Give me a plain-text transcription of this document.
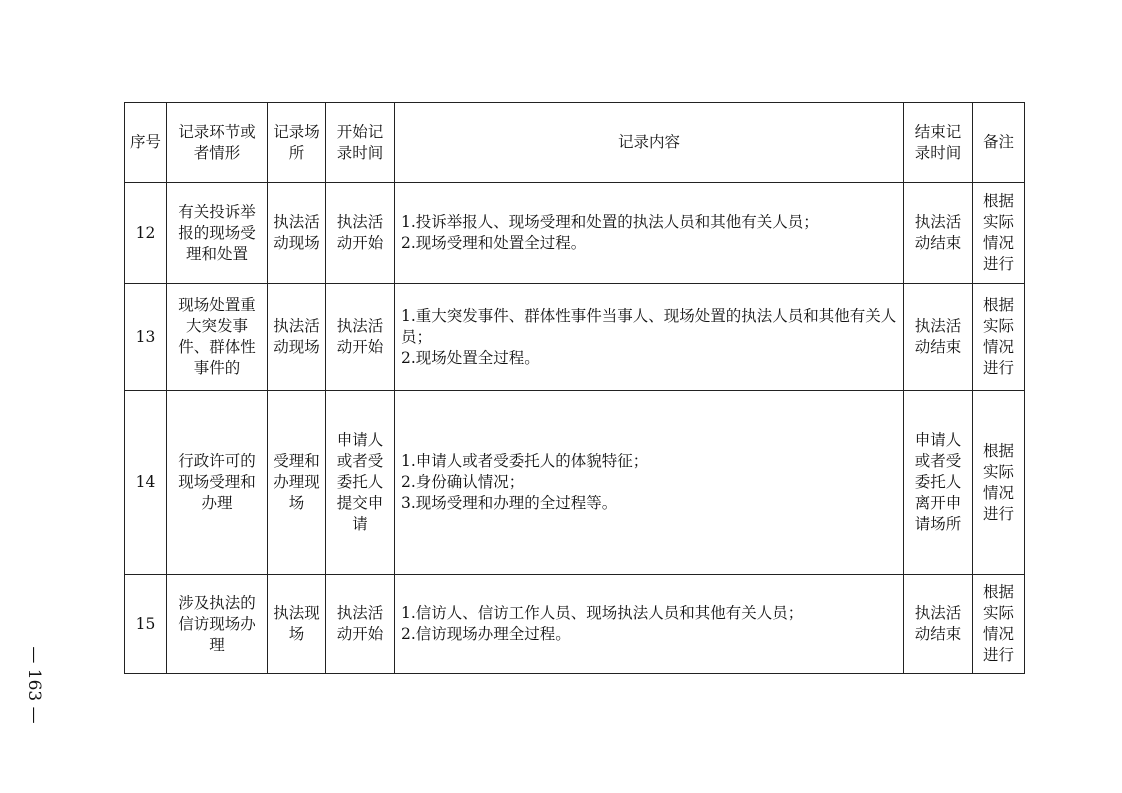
序号	记录环节或者情形	记录场所	开始记录时间	记录内容	结束记录时间	备注
12	有关投诉举报的现场受理和处置	执法活动现场	执法活动开始	1.投诉举报人、现场受理和处置的执法人员和其他有关人员；
2.现场受理和处置全过程。	执法活动结束	根据实际情况进行
13	现场处置重大突发事件、群体性事件的	执法活动现场	执法活动开始	1.重大突发事件、群体性事件当事人、现场处置的执法人员和其他有关人员；
2.现场处置全过程。	执法活动结束	根据实际情况进行
14	行政许可的现场受理和办理	受理和办理现场	申请人或者受委托人提交申请	1.申请人或者受委托人的体貌特征；
2.身份确认情况；
3.现场受理和办理的全过程等。	申请人或者受委托人离开申请场所	根据实际情况进行
15	涉及执法的信访现场办理	执法现场	执法活动开始	1.信访人、信访工作人员、现场执法人员和其他有关人员；
2.信访现场办理全过程。	执法活动结束	根据实际情况进行
— 163 —
